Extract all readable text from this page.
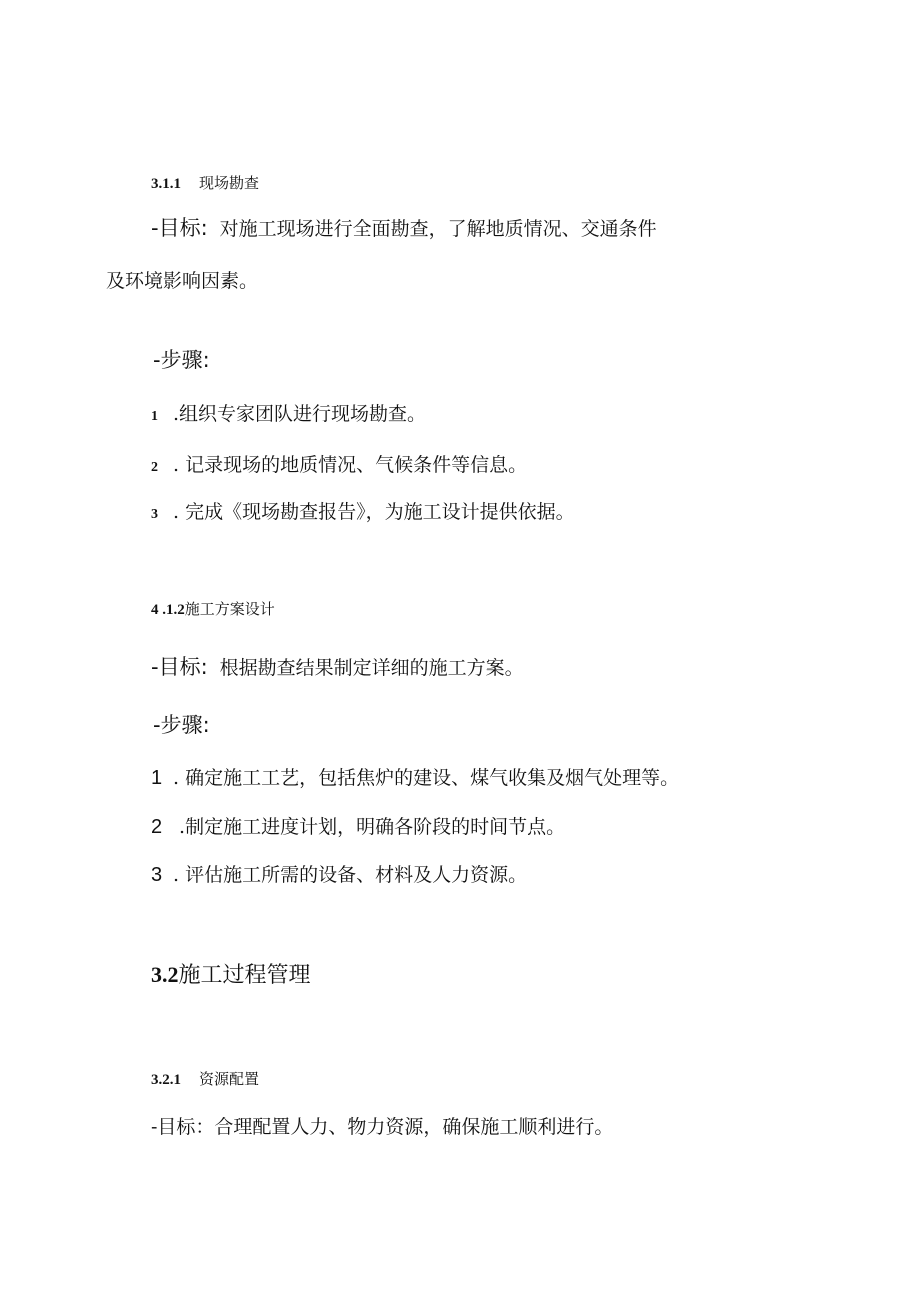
3.1.1 现场勘查
-目标: 对施工现场进行全面勘查，了解地质情况、交通条件
及环境影响因素。
-步骤:
1 .组织专家团队进行现场勘查。
2 . 记录现场的地质情况、气候条件等信息。
3 . 完成《现场勘查报告》，为施工设计提供依据。
4 .1.2施工方案设计
-目标: 根据勘查结果制定详细的施工方案。
-步骤:
1 . 确定施工工艺，包括焦炉的建设、煤气收集及烟气处理等。
2 .制定施工进度计划，明确各阶段的时间节点。
3 . 评估施工所需的设备、材料及人力资源。
3.2施工过程管理
3.2.1 资源配置
-目标：合理配置人力、物力资源，确保施工顺利进行。
